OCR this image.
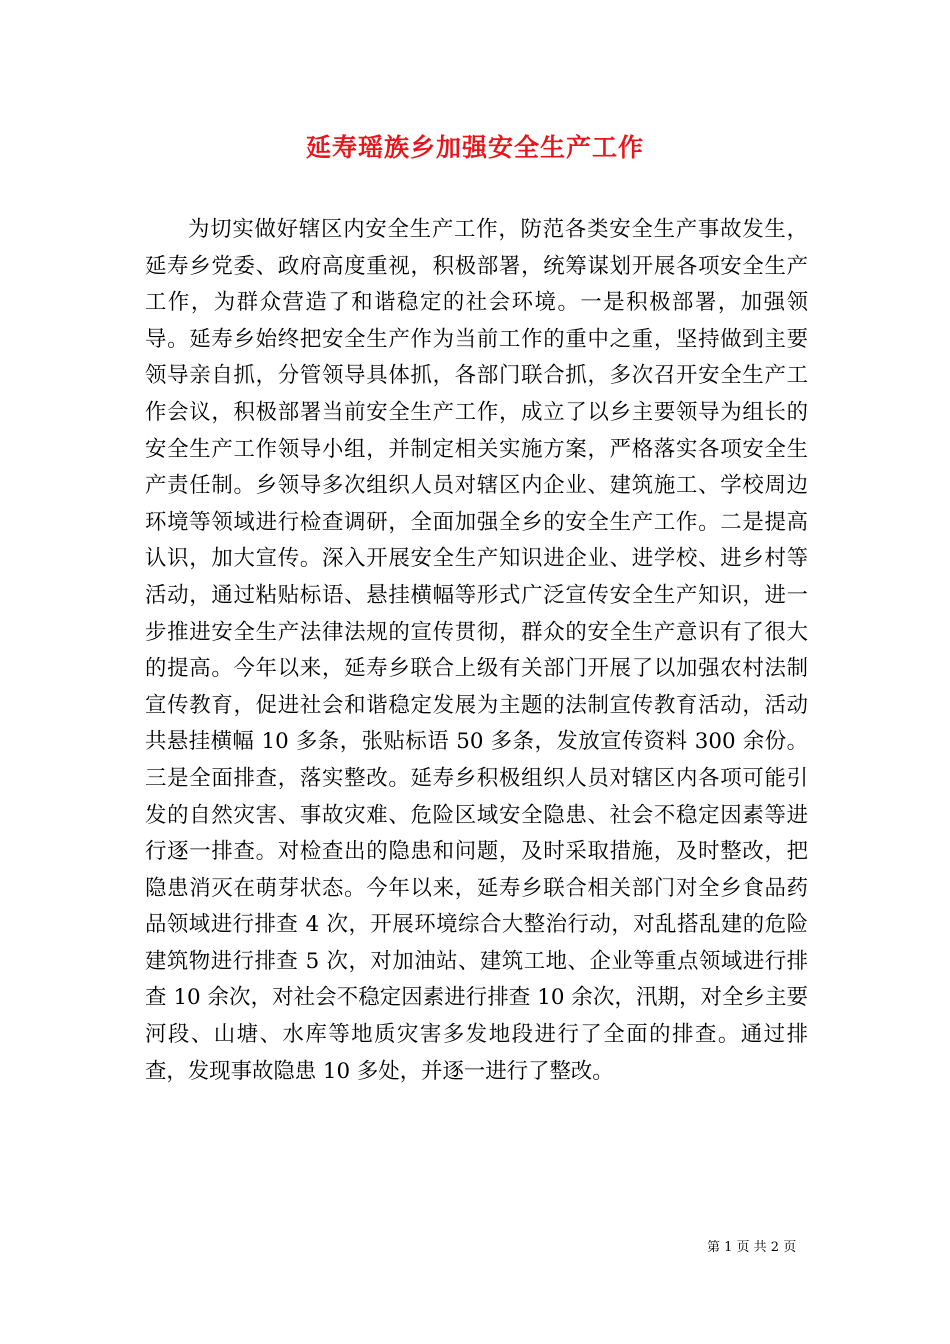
延寿瑶族乡加强安全生产工作

为切实做好辖区内安全生产工作，防范各类安全生产事故发生，延寿乡党委、政府高度重视，积极部署，统筹谋划开展各项安全生产工作，为群众营造了和谐稳定的社会环境。一是积极部署，加强领导。延寿乡始终把安全生产作为当前工作的重中之重，坚持做到主要领导亲自抓，分管领导具体抓，各部门联合抓，多次召开安全生产工作会议，积极部署当前安全生产工作，成立了以乡主要领导为组长的安全生产工作领导小组，并制定相关实施方案，严格落实各项安全生产责任制。乡领导多次组织人员对辖区内企业、建筑施工、学校周边环境等领域进行检查调研，全面加强全乡的安全生产工作。二是提高认识，加大宣传。深入开展安全生产知识进企业、进学校、进乡村等活动，通过粘贴标语、悬挂横幅等形式广泛宣传安全生产知识，进一步推进安全生产法律法规的宣传贯彻，群众的安全生产意识有了很大的提高。今年以来，延寿乡联合上级有关部门开展了以加强农村法制宣传教育，促进社会和谐稳定发展为主题的法制宣传教育活动，活动共悬挂横幅 10 多条，张贴标语 50 多条，发放宣传资料 300 余份。三是全面排查，落实整改。延寿乡积极组织人员对辖区内各项可能引发的自然灾害、事故灾难、危险区域安全隐患、社会不稳定因素等进行逐一排查。对检查出的隐患和问题，及时采取措施，及时整改，把隐患消灭在萌芽状态。今年以来，延寿乡联合相关部门对全乡食品药品领域进行排查 4 次，开展环境综合大整治行动，对乱搭乱建的危险建筑物进行排查 5 次，对加油站、建筑工地、企业等重点领域进行排查 10 余次，对社会不稳定因素进行排查 10 余次，汛期，对全乡主要河段、山塘、水库等地质灾害多发地段进行了全面的排查。通过排查，发现事故隐患 10 多处，并逐一进行了整改。

第 1 页 共 2 页
